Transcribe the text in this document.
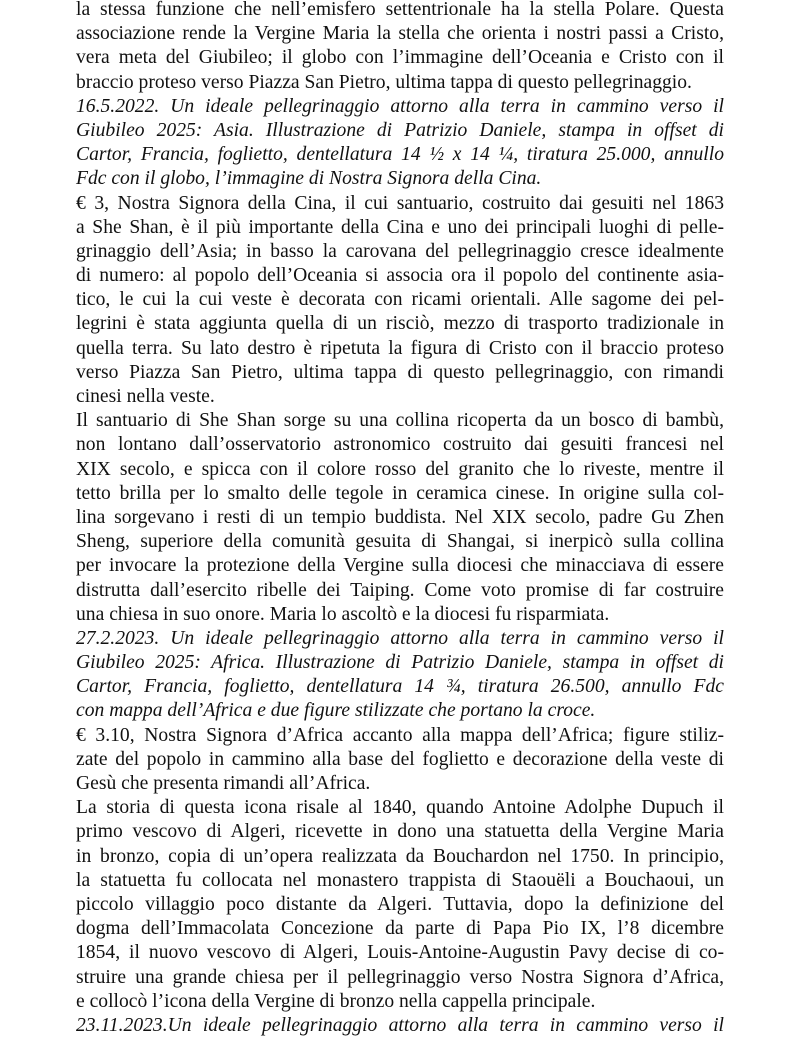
la stessa funzione che nell’emisfero settentrionale ha la stella Polare. Questa
associazione rende la Vergine Maria la stella che orienta i nostri passi a Cristo,
vera meta del Giubileo; il globo con l’immagine dell’Oceania e Cristo con il
braccio proteso verso Piazza San Pietro, ultima tappa di questo pellegrinaggio.
16.5.2022. Un ideale pellegrinaggio attorno alla terra in cammino verso il
Giubileo 2025: Asia. Illustrazione di Patrizio Daniele, stampa in offset di
Cartor, Francia, foglietto, dentellatura 14 ½ x 14 ¼, tiratura 25.000, annullo
Fdc con il globo, l’immagine di Nostra Signora della Cina.
€ 3, Nostra Signora della Cina, il cui santuario, costruito dai gesuiti nel 1863
a She Shan, è il più importante della Cina e uno dei principali luoghi di pelle-
grinaggio dell’Asia; in basso la carovana del pellegrinaggio cresce idealmente
di numero: al popolo dell’Oceania si associa ora il popolo del continente asia-
tico, le cui la cui veste è decorata con ricami orientali. Alle sagome dei pel-
legrini è stata aggiunta quella di un risciò, mezzo di trasporto tradizionale in
quella terra. Su lato destro è ripetuta la figura di Cristo con il braccio proteso
verso Piazza San Pietro, ultima tappa di questo pellegrinaggio, con rimandi
cinesi nella veste.
Il santuario di She Shan sorge su una collina ricoperta da un bosco di bambù,
non lontano dall’osservatorio astronomico costruito dai gesuiti francesi nel
XIX secolo, e spicca con il colore rosso del granito che lo riveste, mentre il
tetto brilla per lo smalto delle tegole in ceramica cinese. In origine sulla col-
lina sorgevano i resti di un tempio buddista. Nel XIX secolo, padre Gu Zhen
Sheng, superiore della comunità gesuita di Shangai, si inerpicò sulla collina
per invocare la protezione della Vergine sulla diocesi che minacciava di essere
distrutta dall’esercito ribelle dei Taiping. Come voto promise di far costruire
una chiesa in suo onore. Maria lo ascoltò e la diocesi fu risparmiata.
27.2.2023. Un ideale pellegrinaggio attorno alla terra in cammino verso il
Giubileo 2025: Africa. Illustrazione di Patrizio Daniele, stampa in offset di
Cartor, Francia, foglietto, dentellatura 14 ¾, tiratura 26.500, annullo Fdc
con mappa dell’Africa e due figure stilizzate che portano la croce.
€ 3.10, Nostra Signora d’Africa accanto alla mappa dell’Africa; figure stiliz-
zate del popolo in cammino alla base del foglietto e decorazione della veste di
Gesù che presenta rimandi all’Africa.
La storia di questa icona risale al 1840, quando Antoine Adolphe Dupuch il
primo vescovo di Algeri, ricevette in dono una statuetta della Vergine Maria
in bronzo, copia di un’opera realizzata da Bouchardon nel 1750. In principio,
la statuetta fu collocata nel monastero trappista di Staouëli a Bouchaoui, un
piccolo villaggio poco distante da Algeri. Tuttavia, dopo la definizione del
dogma dell’Immacolata Concezione da parte di Papa Pio IX, l’8 dicembre
1854, il nuovo vescovo di Algeri, Louis-Antoine-Augustin Pavy decise di co-
struire una grande chiesa per il pellegrinaggio verso Nostra Signora d’Africa,
e collocò l’icona della Vergine di bronzo nella cappella principale.
23.11.2023.Un ideale pellegrinaggio attorno alla terra in cammino verso il
